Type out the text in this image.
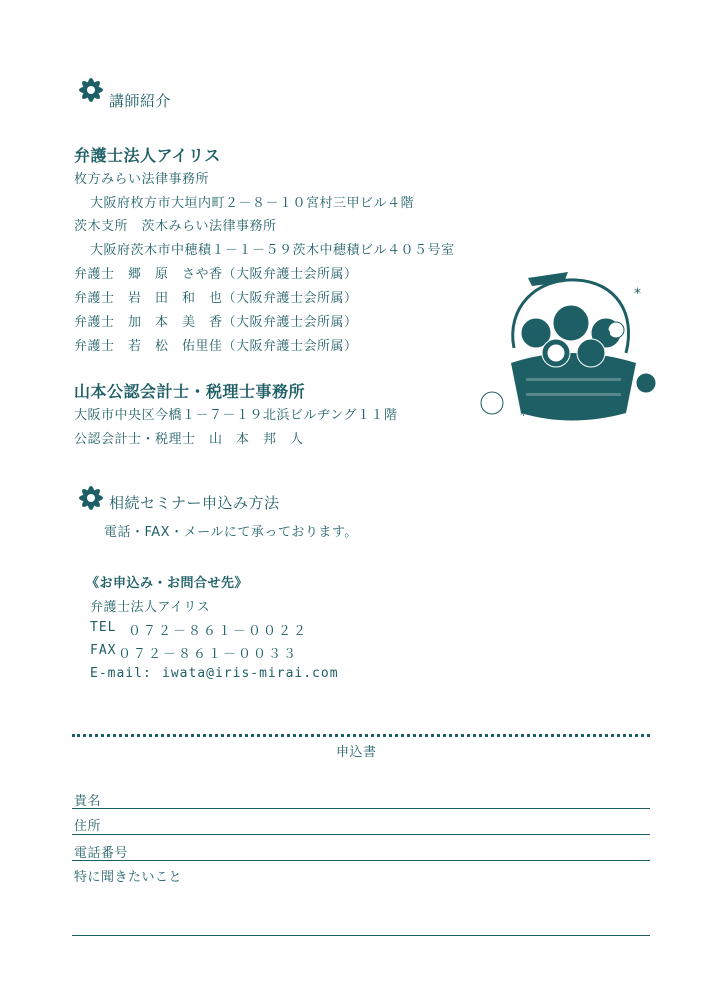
講師紹介
弁護士法人アイリス
枚方みらい法律事務所
大阪府枚方市大垣内町２－８－１０宮村三甲ビル４階
茨木支所　茨木みらい法律事務所
大阪府茨木市中穂積１－１－５９茨木中穂積ビル４０５号室
弁護士　郷　原　さや香（大阪弁護士会所属）
弁護士　岩　田　和　也（大阪弁護士会所属）
弁護士　加　本　美　香（大阪弁護士会所属）
弁護士　若　松　佑里佳（大阪弁護士会所属）
*
*
山本公認会計士・税理士事務所
大阪市中央区今橋１－７－１９北浜ビルヂング１１階
公認会計士・税理士　山　本　邦　人
相続セミナー申込み方法
電話・FAX・メールにて承っております。
《お申込み・お問合せ先》
弁護士法人アイリス
TEL ０７２－８６１－００２２
FAX ０７２－８６１－００３３
E-mail: iwata@iris-mirai.com
申込書
貴名
住所
電話番号
特に聞きたいこと
